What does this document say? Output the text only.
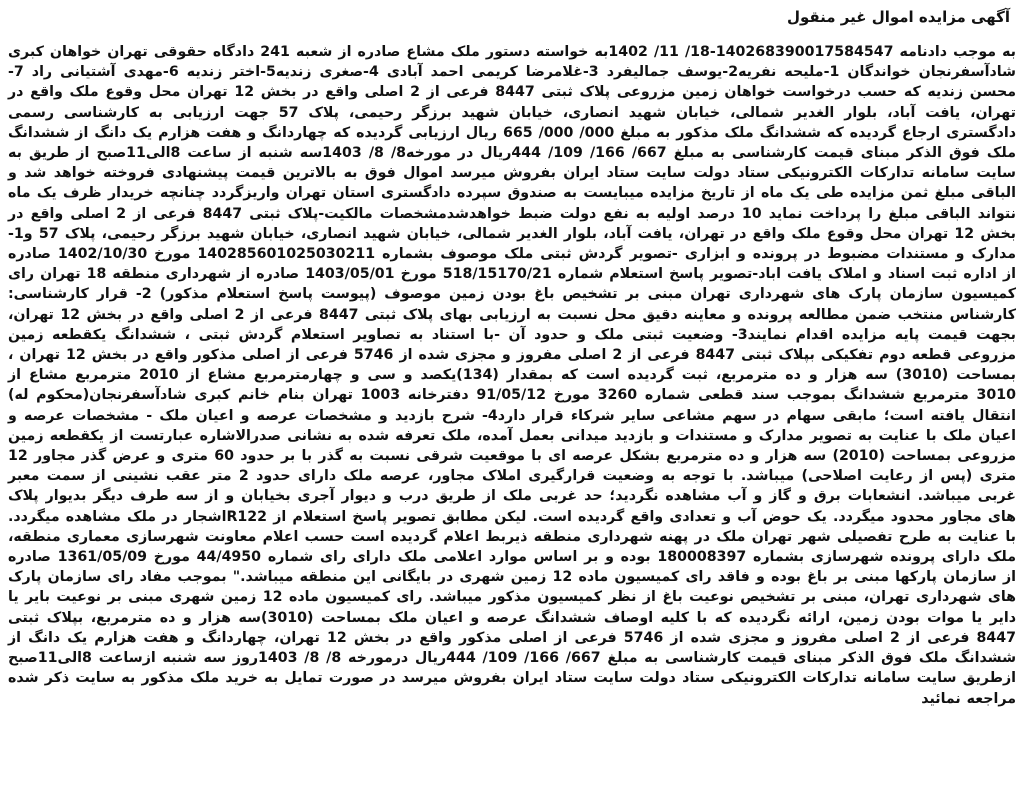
آگهی مزایده اموال غیر منقول

به موجب دادنامه 140268390017584547-18/ 11/ 1402به خواسته دستور ملک مشاع صادره از شعبه 241 دادگاه حقوقی تهران خواهان کبری شادآسفرنجان خواندگان 1-ملیحه نفریه2-یوسف جمالیفرد 3-غلامرضا کریمی احمد آبادی 4-صغری زندیه5-اختر زندیه 6-مهدی آشتیانی راد 7-محسن زندیه که حسب درخواست خواهان زمین مزروعی پلاک ثبتی 8447 فرعی از 2 اصلی واقع در بخش 12 تهران محل وقوع ملک واقع در تهران، یافت آباد، بلوار الغدیر شمالی، خیابان شهید انصاری، خیابان شهید برزگر رحیمی، پلاک 57 جهت ارزیابی به کارشناسی رسمی دادگستری ارجاع گردیده که ششدانگ ملک مذکور به مبلغ 000/ 000/ 665 ریال ارزیابی گردیده که چهاردانگ و هفت هزارم یک دانگ از ششدانگ ملک فوق الذکر مبنای قیمت کارشناسی به مبلغ 667/ 166/ 109/ 444ریال در مورخه8/ 8/ 1403سه شنبه از ساعت 8الی11صبح از طریق به سایت سامانه تدارکات الکترونیکی ستاد دولت سایت ستاد ایران بفروش میرسد اموال فوق به بالاترین قیمت پیشنهادی فروخته خواهد شد و الباقی مبلغ ثمن مزایده طی یک ماه از تاریخ مزایده میبایست به صندوق سپرده دادگستری استان تهران واریزگردد چنانچه خریدار ظرف یک ماه نتواند الباقی مبلغ را پرداخت نماید 10 درصد اولیه به نفع دولت ضبط خواهدشدمشخصات مالکیت-پلاک ثبتی 8447 فرعی از 2 اصلی واقع در بخش 12 تهران محل وقوع ملک واقع در تهران، یافت آباد، بلوار الغدیر شمالی، خیابان شهید انصاری، خیابان شهید برزگر رحیمی، پلاک 57 و1- مدارک و مستندات مضبوط در پرونده و ابزاری -تصویر گردش ثبتی ملک موصوف بشماره 140285601025030211 مورخ 1402/10/30 صادره از اداره ثبت اسناد و املاک یافت اباد-تصویر پاسخ استعلام شماره 518/15170/21 مورخ 1403/05/01 صادره از شهرداری منطقه 18 تهران رای کمیسیون سازمان پارک های شهرداری تهران مبنی بر تشخیص باغ بودن زمین موصوف (پیوست پاسخ استعلام مذکور) 2- قرار کارشناسی: کارشناس منتخب ضمن مطالعه پرونده و معاینه دقیق محل نسبت به ارزیابی بهای پلاک ثبتی 8447 فرعی از 2 اصلی واقع در بخش 12 تهران، بجهت قیمت پایه مزایده اقدام نمایند3- وضعیت ثبتی ملک و حدود آن -با استناد به تصاویر استعلام گردش ثبتی ، ششدانگ یکقطعه زمین مزروعی قطعه دوم تفکیکی بپلاک ثبتی 8447 فرعی از 2 اصلی مفروز و مجزی شده از 5746 فرعی از اصلی مذکور واقع در بخش 12 تهران ، بمساحت (3010) سه هزار و ده مترمربع، ثبت گردیده است که بمقدار (134)یکصد و سی و چهارمترمربع مشاع از 2010 مترمربع مشاع از 3010 مترمربع ششدانگ بموجب سند قطعی شماره 3260 مورخ 91/05/12 دفترخانه 1003 تهران بنام خانم کبری شادآسفرنجان(محکوم له) انتقال یافته است؛ مابقی سهام در سهم مشاعی سایر شرکاء قرار دارد4- شرح بازدید و مشخصات عرصه و اعیان ملک - مشخصات عرصه و اعیان ملک با عنایت به تصویر مدارک و مستندات و بازدید میدانی بعمل آمده، ملک تعرفه شده به نشانی صدرالاشاره عبارتست از یکقطعه زمین مزروعی بمساحت (2010) سه هزار و ده مترمربع بشکل عرصه ای با موقعیت شرقی نسبت به گذر با بر حدود 60 متری و عرض گذر مجاور 12 متری (پس از رعایت اصلاحی) میباشد. با توجه به وضعیت قرارگیری املاک مجاور، عرصه ملک دارای حدود 2 متر عقب نشینی از سمت معبر غربی میباشد. انشعابات برق و گاز و آب مشاهده نگردید؛ حد غربی ملک از طریق درب و دیوار آجری بخیابان و از سه طرف دیگر بدیوار پلاک های مجاور محدود میگردد. یک حوض آب و تعدادی واقع گردیده است. لیکن مطابق تصویر پاسخ استعلام از R122اشجار در ملک مشاهده میگردد. با عنایت به طرح تفصیلی شهر تهران ملک در پهنه شهرداری منطقه ذیربط اعلام گردیده است حسب اعلام معاونت شهرسازی معماری منطقه، ملک دارای پرونده شهرسازی بشماره 180008397 بوده و بر اساس موارد اعلامی ملک دارای رای شماره 44/4950 مورخ 1361/05/09 صادره از سازمان پارکها مبنی بر باغ بوده و فاقد رای کمیسیون ماده 12 زمین شهری در بایگانی این منطقه میباشد." بموجب مفاد رای سازمان پارک های شهرداری تهران، مبنی بر تشخیص نوعیت باغ از نظر کمیسیون مذکور میباشد. رای کمیسیون ماده 12 زمین شهری مبنی بر نوعیت بایر یا دایر یا موات بودن زمین، ارائه نگردیده که با کلیه اوصاف ششدانگ عرصه و اعیان ملک بمساحت (3010)سه هزار و ده مترمربع، بپلاک ثبتی 8447 فرعی از 2 اصلی مفروز و مجزی شده از 5746 فرعی از اصلی مذکور واقع در بخش 12 تهران، چهاردانگ و هفت هزارم یک دانگ از ششدانگ ملک فوق الذکر مبنای قیمت کارشناسی به مبلغ 667/ 166/ 109/ 444ریال درمورخه 8/ 8/ 1403روز سه شنبه ازساعت 8الی11صبح ازطریق سایت سامانه تدارکات الکترونیکی ستاد دولت سایت ستاد ایران بفروش میرسد در صورت تمایل به خرید ملک مذکور به سایت ذکر شده مراجعه نمائید
